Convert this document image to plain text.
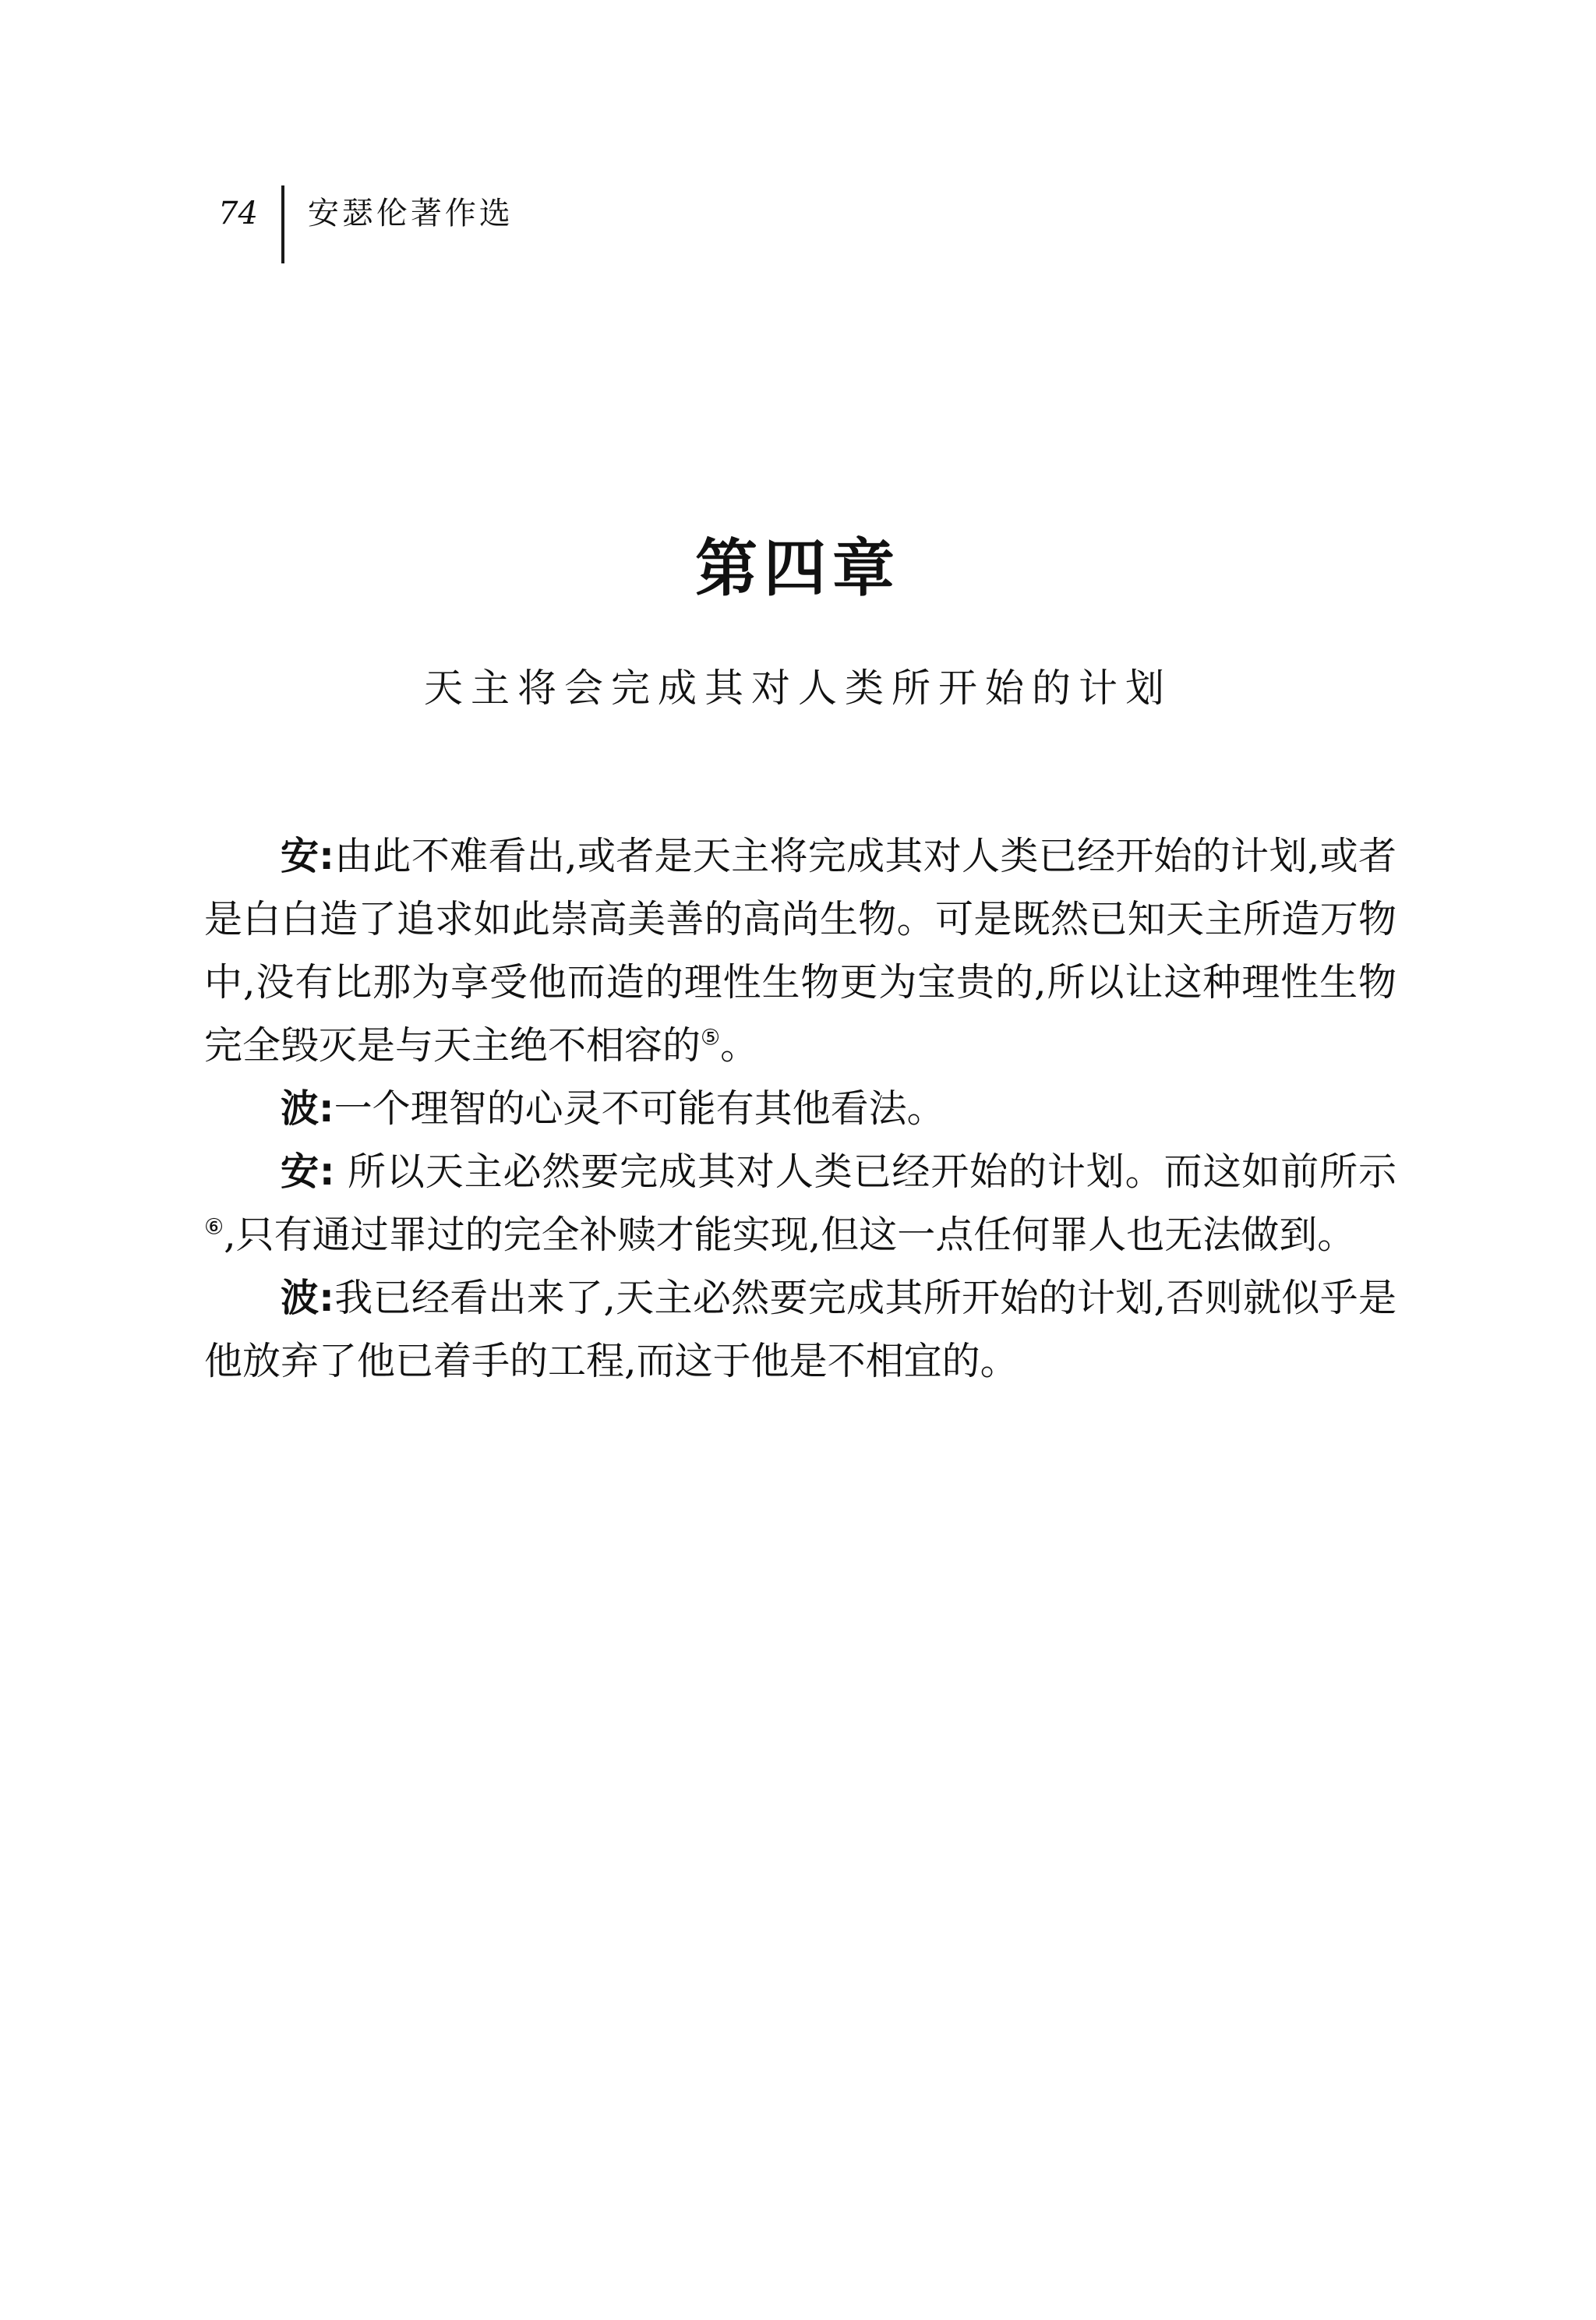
74 安瑟伦著作选
第四章
天主将会完成其对人类所开始的计划

安:由此不难看出,或者是天主将完成其对人类已经开始的计划,或者是白白造了追求如此崇高美善的高尚生物。可是既然已知天主所造万物中,没有比那为享受他而造的理性生物更为宝贵的,所以让这种理性生物完全毁灭是与天主绝不相容的⑤。

波:一个理智的心灵不可能有其他看法。

安: 所以天主必然要完成其对人类已经开始的计划。而这如前所示⑥,只有通过罪过的完全补赎才能实现,但这一点任何罪人也无法做到。

波:我已经看出来了,天主必然要完成其所开始的计划,否则就似乎是他放弃了他已着手的工程,而这于他是不相宜的。
